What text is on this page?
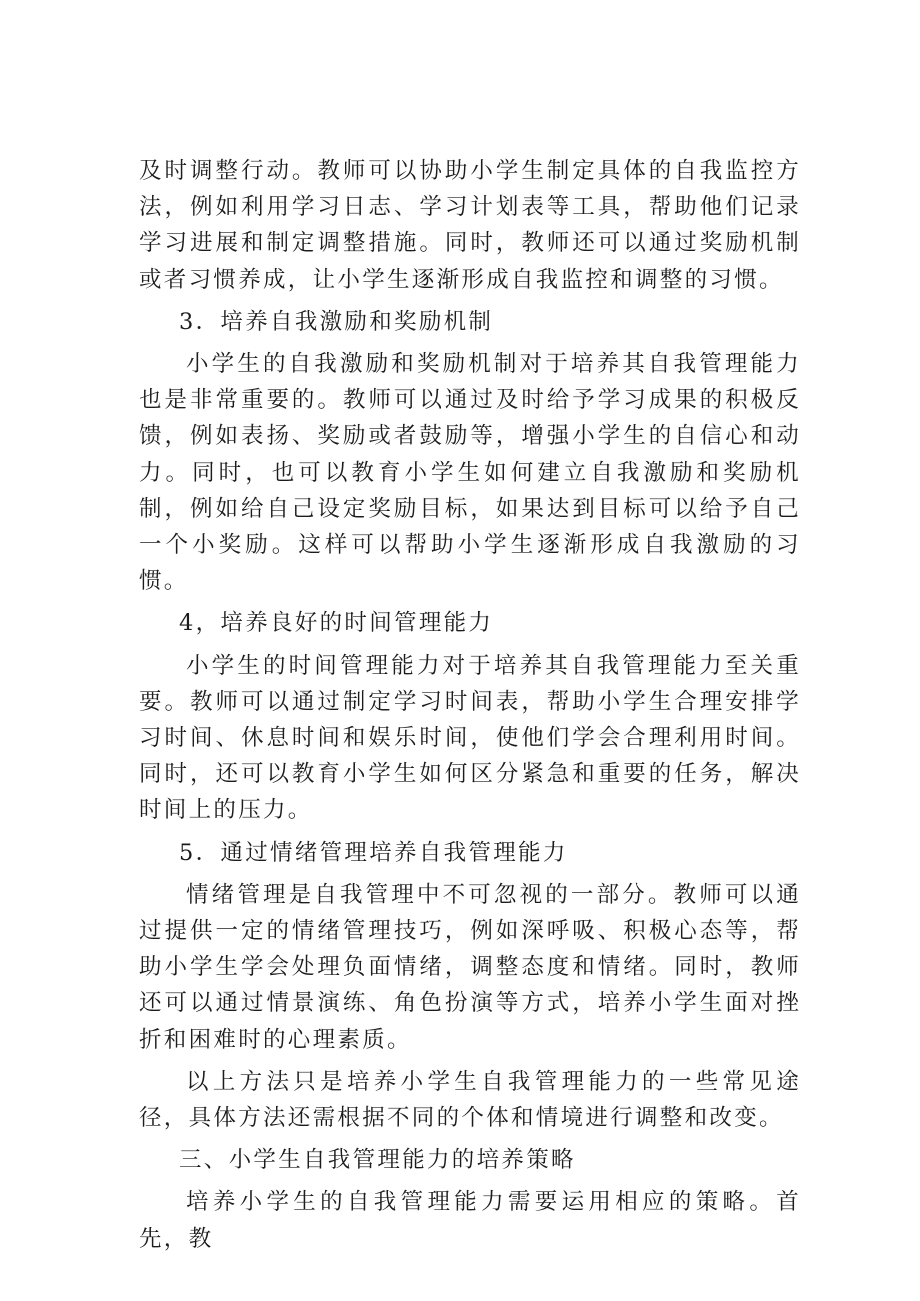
及时调整行动。教师可以协助小学生制定具体的自我监控方法，例如利用学习日志、学习计划表等工具，帮助他们记录学习进展和制定调整措施。同时，教师还可以通过奖励机制或者习惯养成，让小学生逐渐形成自我监控和调整的习惯。

3．培养自我激励和奖励机制

小学生的自我激励和奖励机制对于培养其自我管理能力也是非常重要的。教师可以通过及时给予学习成果的积极反馈，例如表扬、奖励或者鼓励等，增强小学生的自信心和动力。同时，也可以教育小学生如何建立自我激励和奖励机制，例如给自己设定奖励目标，如果达到目标可以给予自己一个小奖励。这样可以帮助小学生逐渐形成自我激励的习惯。

4，培养良好的时间管理能力

小学生的时间管理能力对于培养其自我管理能力至关重要。教师可以通过制定学习时间表，帮助小学生合理安排学习时间、休息时间和娱乐时间，使他们学会合理利用时间。同时，还可以教育小学生如何区分紧急和重要的任务，解决时间上的压力。

5．通过情绪管理培养自我管理能力

情绪管理是自我管理中不可忽视的一部分。教师可以通过提供一定的情绪管理技巧，例如深呼吸、积极心态等，帮助小学生学会处理负面情绪，调整态度和情绪。同时，教师还可以通过情景演练、角色扮演等方式，培养小学生面对挫折和困难时的心理素质。

以上方法只是培养小学生自我管理能力的一些常见途径，具体方法还需根据不同的个体和情境进行调整和改变。

三、小学生自我管理能力的培养策略

培养小学生的自我管理能力需要运用相应的策略。首先，教
